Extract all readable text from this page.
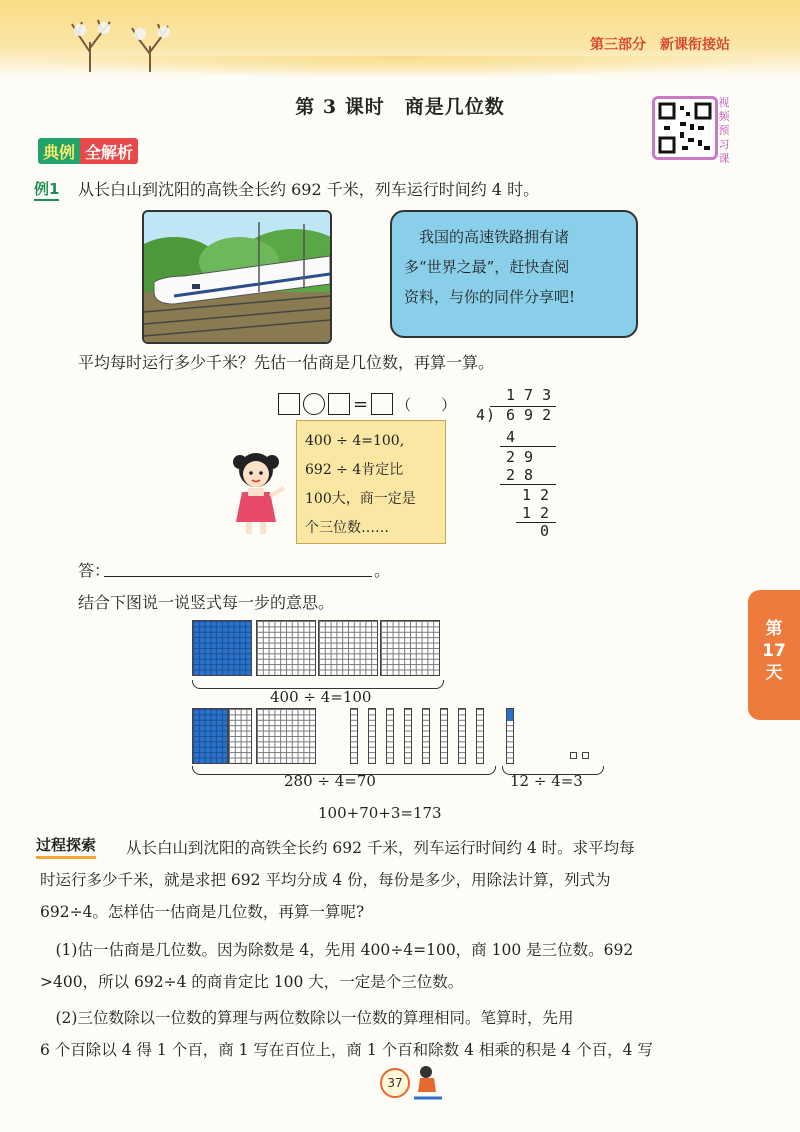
第三部分 新课衔接站
第 3 课时　商是几位数	视
频
预
习
课
典例 全解析
例1 从长白山到沈阳的高铁全长约 692 千米，列车运行时间约 4 时。
　我国的高速铁路拥有诸
多“世界之最”，赶快查阅
资料，与你的同伴分享吧!
平均每时运行多少千米？先估一估商是几位数，再算一算。
= （　　）
400 ÷ 4=100,
692 ÷ 4肯定比
100大，商一定是
个三位数……
1 7 3
4 ) 6 9 2
4
2 9
2 8
1 2
1 2
0
答：	。
结合下图说一说竖式每一步的意思。
400 ÷ 4=100
280 ÷ 4=70	12 ÷ 4=3
100+70+3=173
过程探索 从长白山到沈阳的高铁全长约 692 千米，列车运行时间约 4 时。求平均每
时运行多少千米，就是求把 692 平均分成 4 份，每份是多少，用除法计算，列式为
692÷4。怎样估一估商是几位数，再算一算呢?
　(1)估一估商是几位数。因为除数是 4，先用 400÷4=100，商 100 是三位数。692
>400，所以 692÷4 的商肯定比 100 大，一定是个三位数。
　(2)三位数除以一位数的算理与两位数除以一位数的算理相同。笔算时，先用
6 个百除以 4 得 1 个百，商 1 写在百位上，商 1 个百和除数 4 相乘的积是 4 个百，4 写
第
17
天
37
